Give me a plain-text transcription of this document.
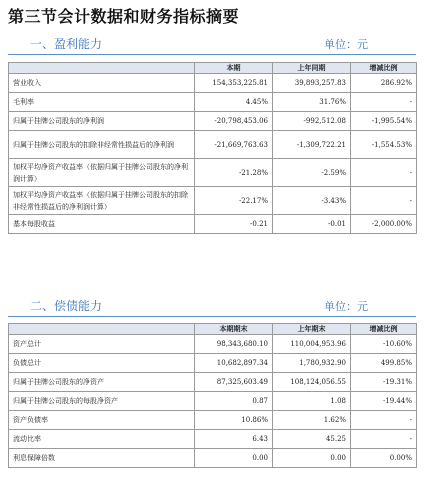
第三节会计数据和财务指标摘要
一、盈利能力	单位：元
	本期	上年同期	增减比例
营业收入	154,353,225.81	39,893,257.83	286.92%
毛利率	4.45%	31.76%	-
归属于挂牌公司股东的净利润	-20,798,453.06	-992,512.08	-1,995.54%
归属于挂牌公司股东的扣除非经常性损益后的净利润	-21,669,763.63	-1,309,722.21	-1,554.53%
加权平均净资产收益率（依据归属于挂牌公司股东的净利润计算）	-21.28%	-2.59%	-
加权平均净资产收益率（依据归属于挂牌公司股东的扣除非经常性损益后的净利润计算）	-22.17%	-3.43%	-
基本每股收益	-0.21	-0.01	-2,000.00%
二、偿债能力	单位：元
	本期期末	上年期末	增减比例
资产总计	98,343,680.10	110,004,953.96	-10.60%
负债总计	10,682,897.34	1,780,932.90	499.85%
归属于挂牌公司股东的净资产	87,325,603.49	108,124,056.55	-19.31%
归属于挂牌公司股东的每股净资产	0.87	1.08	-19.44%
资产负债率	10.86%	1.62%	-
流动比率	6.43	45.25	-
利息保障倍数	0.00	0.00	0.00%
